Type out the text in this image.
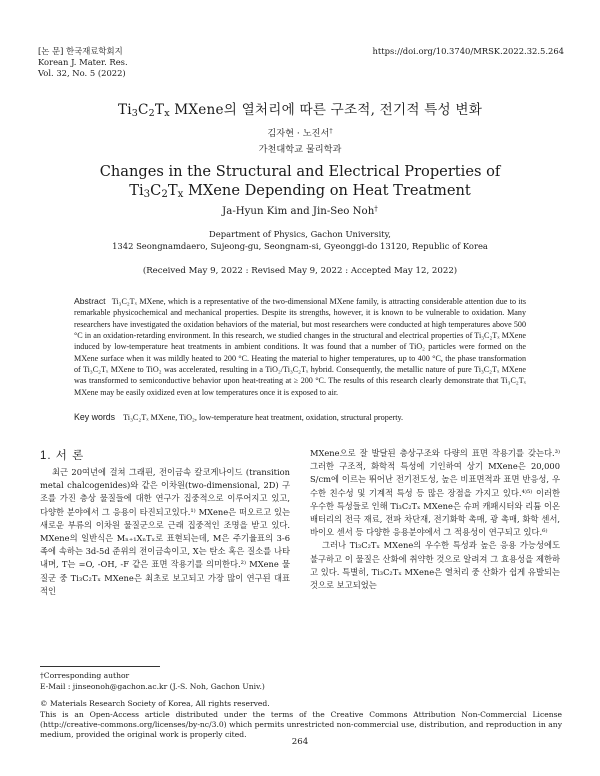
[논 문] 한국재료학회지
Korean J. Mater. Res.
Vol. 32, No. 5 (2022)
https://doi.org/10.3740/MRSK.2022.32.5.264
$Ti_3C_2T_x$ MXene의 열처리에 따른 구조적, 전기적 특성 변화
김자현 · 노진서†
가천대학교 물리학과
Changes in the Structural and Electrical Properties of
$Ti_3C_2T_x$ MXene Depending on Heat Treatment
Ja-Hyun Kim and Jin-Seo Noh†
Department of Physics, Gachon University,
1342 Seongnamdaero, Sujeong-gu, Seongnam-si, Gyeonggi-do 13120, Republic of Korea
(Received May 9, 2022 : Revised May 9, 2022 : Accepted May 12, 2022)
Abstract Ti₃C₂Tₓ MXene, which is a representative of the two-dimensional MXene family, is attracting considerable attention due to its remarkable physicochemical and mechanical properties. Despite its strengths, however, it is known to be vulnerable to oxidation. Many researchers have investigated the oxidation behaviors of the material, but most researchers were conducted at high temperatures above 500 °C in an oxidation-retarding environment. In this research, we studied changes in the structural and electrical properties of Ti₃C₂Tₓ MXene induced by low-temperature heat treatments in ambient conditions. It was found that a number of TiO₂ particles were formed on the MXene surface when it was mildly heated to 200 °C. Heating the material to higher temperatures, up to 400 °C, the phase transformation of Ti₃C₂Tₓ MXene to TiO₂ was accelerated, resulting in a TiO₂/Ti₃C₂Tₓ hybrid. Consequently, the metallic nature of pure Ti₃C₂Tₓ MXene was transformed to semiconductive behavior upon heat-treating at ≥ 200 °C. The results of this research clearly demonstrate that Ti₃C₂Tₓ MXene may be easily oxidized even at low temperatures once it is exposed to air.
Key words Ti₃C₂Tₓ MXene, TiO₂, low-temperature heat treatment, oxidation, structural property.
1. 서 론

최근 20여년에 걸쳐 그래핀, 전이금속 칼코게나이드 (transition metal chalcogenides)와 같은 이차원(two-dimensional, 2D) 구조를 가진 층상 물질들에 대한 연구가 집중적으로 이루어지고 있고, 다양한 분야에서 그 응용이 타진되고있다.¹⁾ MXene은 떠오르고 있는 새로운 부류의 이차원 물질군으로 근래 집중적인 조명을 받고 있다. MXene의 일반식은 Mₙ₊₁XₙTₓ로 표현되는데, M은 주기율표의 3-6족에 속하는 3d-5d 준위의 전이금속이고, X는 탄소 혹은 질소를 나타내며, T는 =O, -OH, -F 같은 표면 작용기를 의미한다.²⁾ MXene 물질군 중 Ti₃C₂Tₓ MXene은 최초로 보고되고 가장 많이 연구된 대표적인

MXene으로 잘 발달된 층상구조와 다량의 표면 작용기를 갖는다.³⁾ 그러한 구조적, 화학적 특성에 기인하여 상기 MXene은 20,000 S/cm에 이르는 뛰어난 전기전도성, 높은 비표면적과 표면 반응성, 우수한 친수성 및 기계적 특성 등 많은 장점을 가지고 있다.⁴⁾⁵⁾ 이러한 우수한 특성들로 인해 Ti₃C₂Tₓ MXene은 슈퍼 캐패시터와 리튬 이온 배터리의 전극 재료, 전파 차단재, 전기화학 촉매, 광 촉매, 화학 센서, 바이오 센서 등 다양한 응용분야에서 그 적용성이 연구되고 있다.⁶⁾

그러나 Ti₃C₂Tₓ MXene의 우수한 특성과 높은 응용 가능성에도 불구하고 이 물질은 산화에 취약한 것으로 알려져 그 효용성을 제한하고 있다. 특별히, Ti₃C₂Tₓ MXene은 열처리 중 산화가 쉽게 유발되는 것으로 보고되었는

†Corresponding author
E-Mail : jinseonoh@gachon.ac.kr (J.-S. Noh, Gachon Univ.)
© Materials Research Society of Korea, All rights reserved.
This is an Open-Access article distributed under the terms of the Creative Commons Attribution Non-Commercial License (http://creative-commons.org/licenses/by-nc/3.0) which permits unrestricted non-commercial use, distribution, and reproduction in any medium, provided the original work is properly cited.
264
